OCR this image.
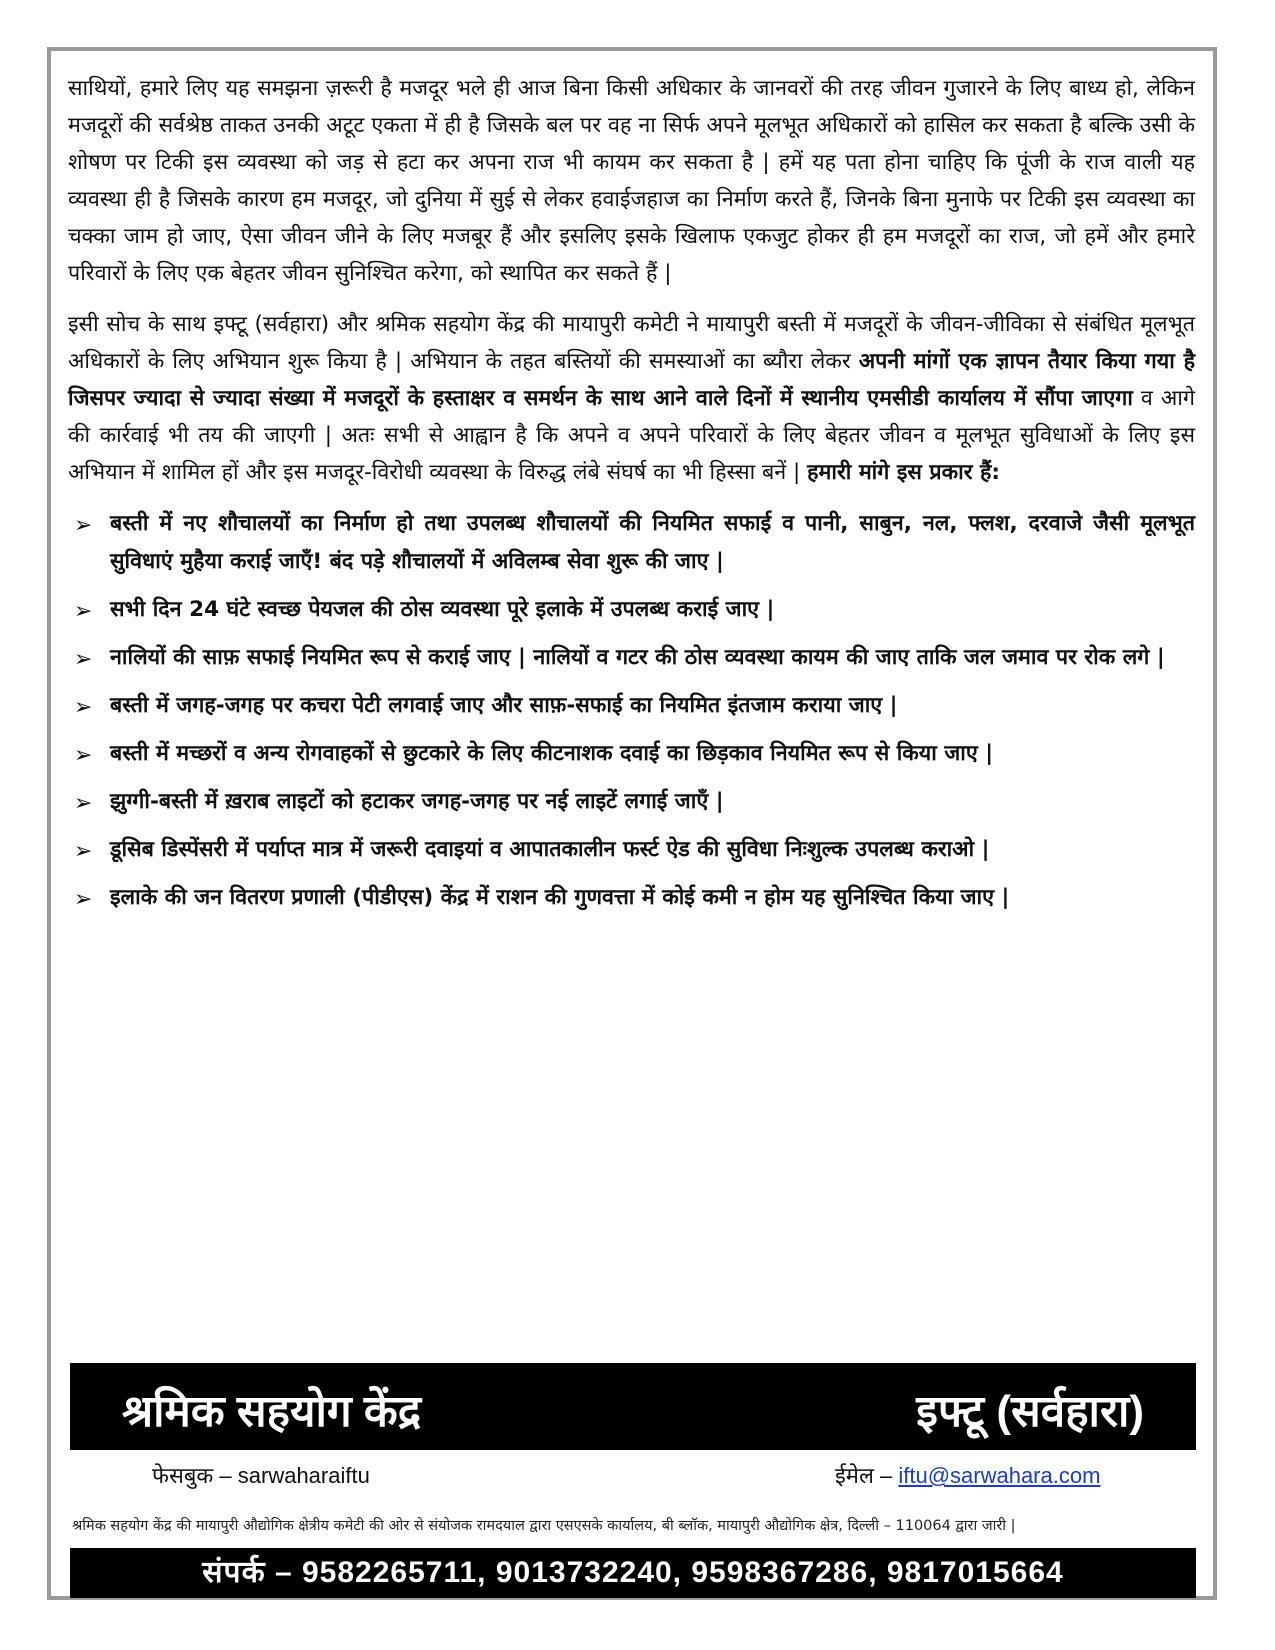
साथियों, हमारे लिए यह समझना ज़रूरी है मजदूर भले ही आज बिना किसी अधिकार के जानवरों की तरह जीवन गुजारने के लिए बाध्य हो, लेकिन मजदूरों की सर्वश्रेष्ठ ताकत उनकी अटूट एकता में ही है जिसके बल पर वह ना सिर्फ अपने मूलभूत अधिकारों को हासिल कर सकता है बल्कि उसी के शोषण पर टिकी इस व्यवस्था को जड़ से हटा कर अपना राज भी कायम कर सकता है | हमें यह पता होना चाहिए कि पूंजी के राज वाली यह व्यवस्था ही है जिसके कारण हम मजदूर, जो दुनिया में सुई से लेकर हवाईजहाज का निर्माण करते हैं, जिनके बिना मुनाफे पर टिकी इस व्यवस्था का चक्का जाम हो जाए, ऐसा जीवन जीने के लिए मजबूर हैं और इसलिए इसके खिलाफ एकजुट होकर ही हम मजदूरों का राज, जो हमें और हमारे परिवारों के लिए एक बेहतर जीवन सुनिश्चित करेगा, को स्थापित कर सकते हैं |

इसी सोच के साथ इफ्टू (सर्वहारा) और श्रमिक सहयोग केंद्र की मायापुरी कमेटी ने मायापुरी बस्ती में मजदूरों के जीवन-जीविका से संबंधित मूलभूत अधिकारों के लिए अभियान शुरू किया है | अभियान के तहत बस्तियों की समस्याओं का ब्यौरा लेकर अपनी मांगों एक ज्ञापन तैयार किया गया है जिसपर ज्यादा से ज्यादा संख्या में मजदूरों के हस्ताक्षर व समर्थन के साथ आने वाले दिनों में स्थानीय एमसीडी कार्यालय में सौंपा जाएगा व आगे की कार्रवाई भी तय की जाएगी | अतः सभी से आह्वान है कि अपने व अपने परिवारों के लिए बेहतर जीवन व मूलभूत सुविधाओं के लिए इस अभियान में शामिल हों और इस मजदूर-विरोधी व्यवस्था के विरुद्ध लंबे संघर्ष का भी हिस्सा बनें | हमारी मांगे इस प्रकार हैं:

➢ बस्ती में नए शौचालयों का निर्माण हो तथा उपलब्ध शौचालयों की नियमित सफाई व पानी, साबुन, नल, फ्लश, दरवाजे जैसी मूलभूत सुविधाएं मुहैया कराई जाएँ! बंद पड़े शौचालयों में अविलम्ब सेवा शुरू की जाए |
➢ सभी दिन 24 घंटे स्वच्छ पेयजल की ठोस व्यवस्था पूरे इलाके में उपलब्ध कराई जाए |
➢ नालियों की साफ़ सफाई नियमित रूप से कराई जाए | नालियों व गटर की ठोस व्यवस्था कायम की जाए ताकि जल जमाव पर रोक लगे |
➢ बस्ती में जगह-जगह पर कचरा पेटी लगवाई जाए और साफ़-सफाई का नियमित इंतजाम कराया जाए |
➢ बस्ती में मच्छरों व अन्य रोगवाहकों से छुटकारे के लिए कीटनाशक दवाई का छिड़काव नियमित रूप से किया जाए |
➢ झुग्गी-बस्ती में ख़राब लाइटों को हटाकर जगह-जगह पर नई लाइटें लगाई जाएँ |
➢ डूसिब डिस्पेंसरी में पर्याप्त मात्र में जरूरी दवाइयां व आपातकालीन फर्स्ट ऐड की सुविधा निःशुल्क उपलब्ध कराओ |
➢ इलाके की जन वितरण प्रणाली (पीडीएस) केंद्र में राशन की गुणवत्ता में कोई कमी न होम यह सुनिश्चित किया जाए |
श्रमिक सहयोग केंद्र	इफ्टू (सर्वहारा)
फेसबुक – sarwaharaiftu	ईमेल – iftu@sarwahara.com
श्रमिक सहयोग केंद्र की मायापुरी औद्योगिक क्षेत्रीय कमेटी की ओर से संयोजक रामदयाल द्वारा एसएसके कार्यालय, बी ब्लॉक, मायापुरी औद्योगिक क्षेत्र, दिल्ली – 110064 द्वारा जारी |
संपर्क – 9582265711, 9013732240, 9598367286, 9817015664
